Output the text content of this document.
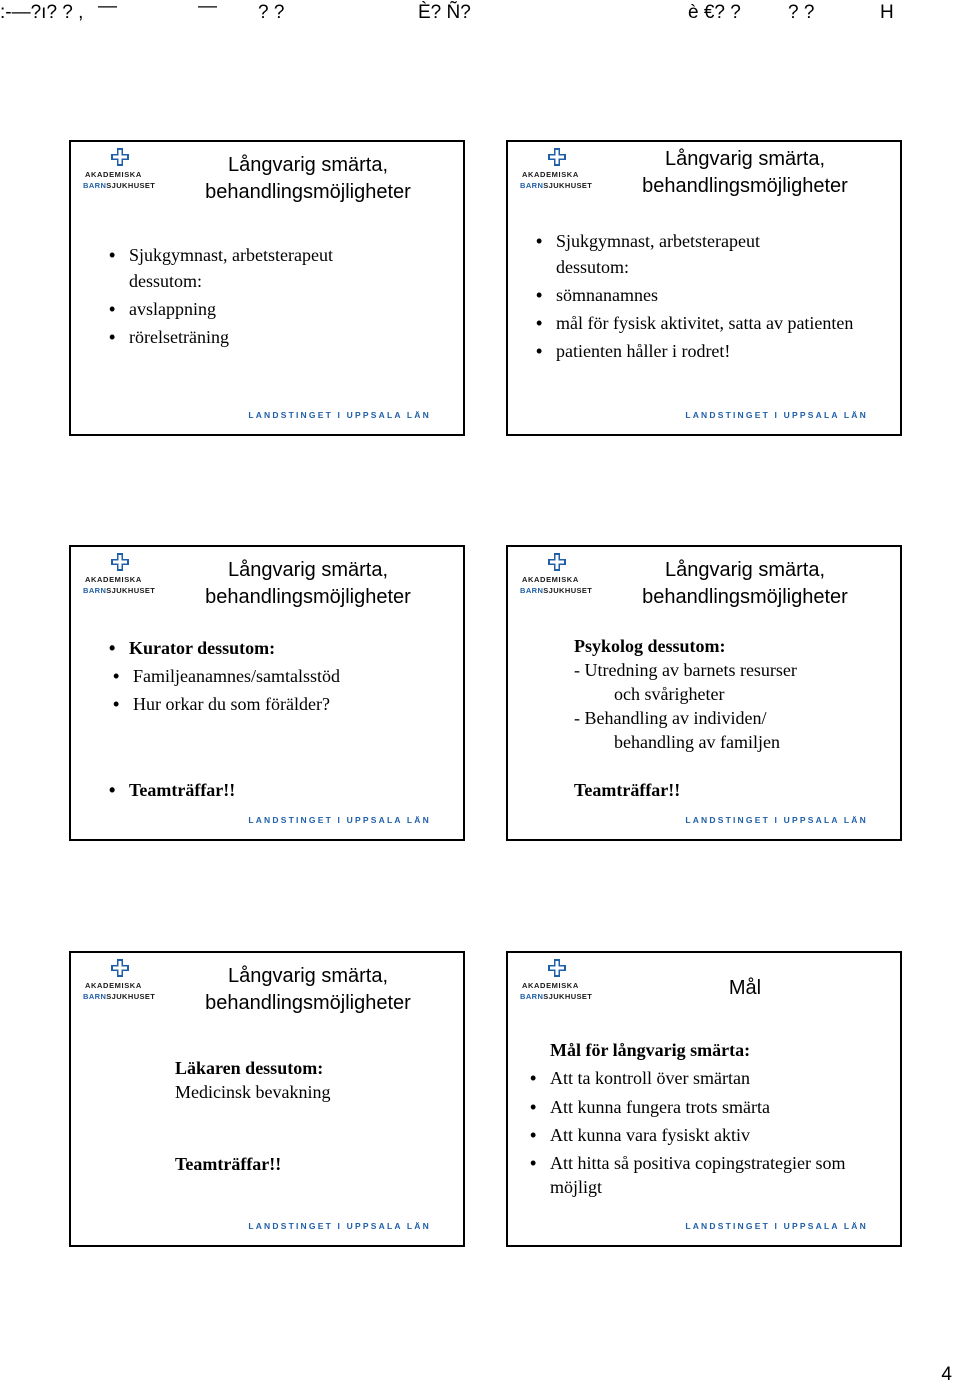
:-—?ı? ? ,

—

	—

? ?

	È? Ñ?

	è €? ?

? ?

	H

AKADEMISKA
BARNSJUKHUSET
Långvarig smärta,
behandlingsmöjligheter
• Sjukgymnast, arbetsterapeut
dessutom:
• avslappning
• rörelseträning
LANDSTINGET I UPPSALA LÄN
AKADEMISKA
BARNSJUKHUSET
Långvarig smärta,
behandlingsmöjligheter
• Sjukgymnast, arbetsterapeut
dessutom:
• sömnanamnes
• mål för fysisk aktivitet, satta av patienten
• patienten håller i rodret!
LANDSTINGET I UPPSALA LÄN
AKADEMISKA
BARNSJUKHUSET
Långvarig smärta,
behandlingsmöjligheter
• Kurator dessutom:
• Familjeanamnes/samtalsstöd
• Hur orkar du som förälder?
• Teamträffar!!
LANDSTINGET I UPPSALA LÄN
AKADEMISKA
BARNSJUKHUSET
Långvarig smärta,
behandlingsmöjligheter
Psykolog dessutom:
- Utredning av barnets resurser
och svårigheter
- Behandling av individen/
behandling av familjen
Teamträffar!!
LANDSTINGET I UPPSALA LÄN
AKADEMISKA
BARNSJUKHUSET
Långvarig smärta,
behandlingsmöjligheter
Läkaren dessutom:
Medicinsk bevakning
Teamträffar!!
LANDSTINGET I UPPSALA LÄN
AKADEMISKA
BARNSJUKHUSET	Mål
Mål för långvarig smärta:
• Att ta kontroll över smärtan
• Att kunna fungera trots smärta
• Att kunna vara fysiskt aktiv
• Att hitta så positiva copingstrategier som möjligt
LANDSTINGET I UPPSALA LÄN
4
